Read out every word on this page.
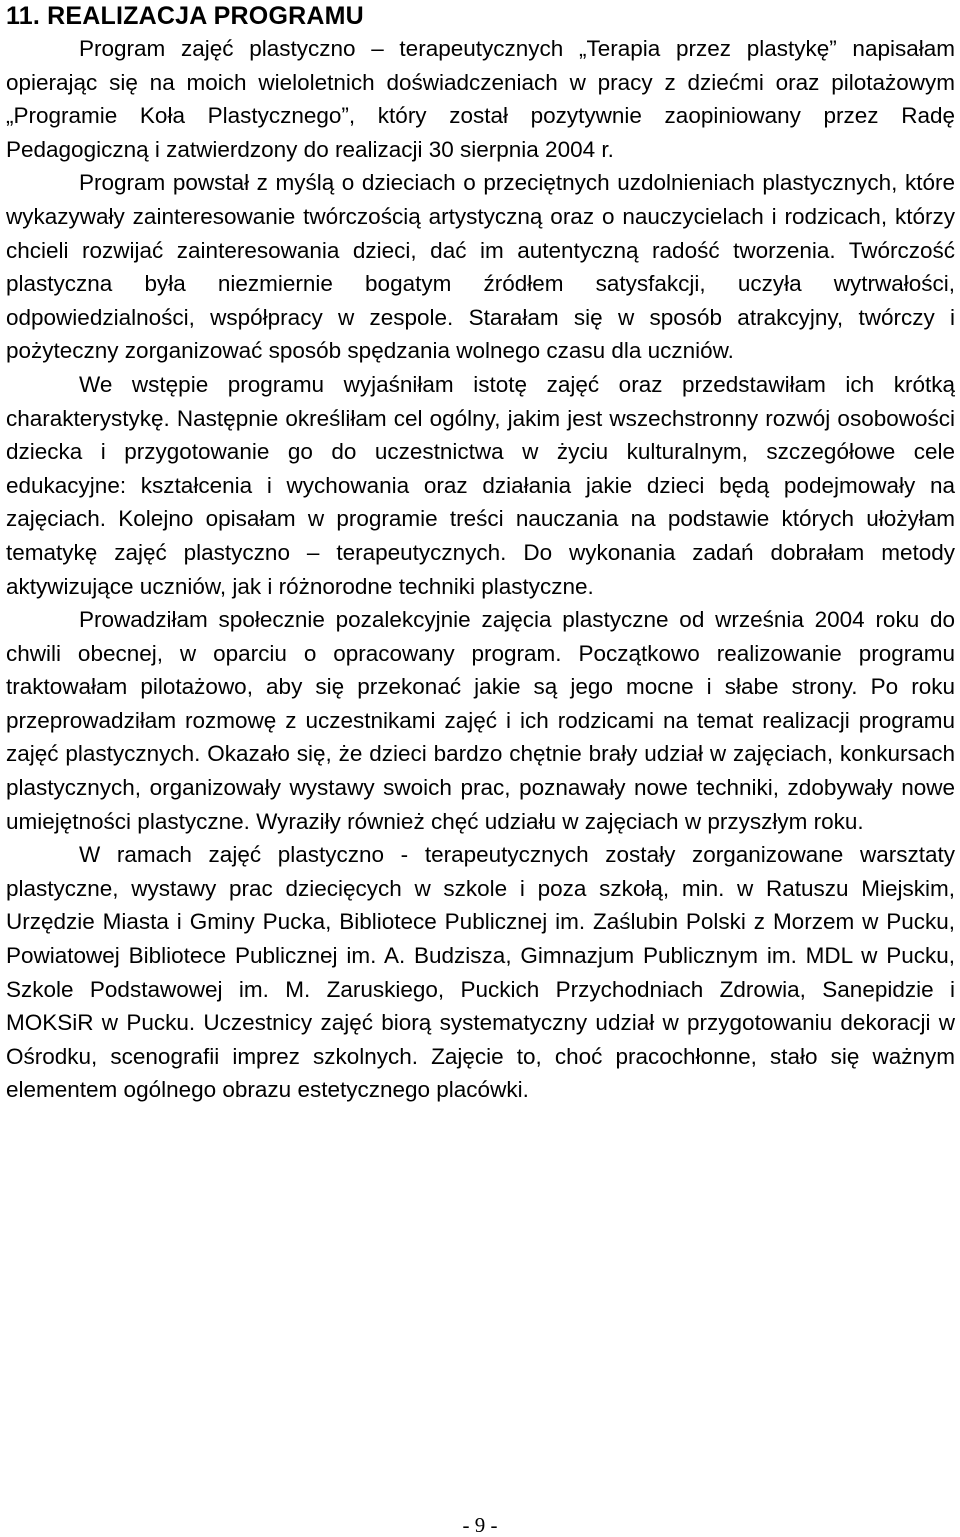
11. REALIZACJA PROGRAMU

Program zajęć plastyczno – terapeutycznych „Terapia przez plastykę” napisałam opierając się na moich wieloletnich doświadczeniach w pracy z dziećmi oraz pilotażowym „Programie Koła Plastycznego”, który został pozytywnie zaopiniowany przez Radę Pedagogiczną i zatwierdzony do realizacji 30 sierpnia 2004 r.

Program powstał z myślą o dzieciach o przeciętnych uzdolnieniach plastycznych, które wykazywały zainteresowanie twórczością artystyczną oraz o nauczycielach i rodzicach, którzy chcieli rozwijać zainteresowania dzieci, dać im autentyczną radość tworzenia. Twórczość plastyczna była niezmiernie bogatym źródłem satysfakcji, uczyła wytrwałości, odpowiedzialności, współpracy w zespole. Starałam się w sposób atrakcyjny, twórczy i pożyteczny zorganizować sposób spędzania wolnego czasu dla uczniów.

We wstępie programu wyjaśniłam istotę zajęć oraz przedstawiłam ich krótką charakterystykę. Następnie określiłam cel ogólny, jakim jest wszechstronny rozwój osobowości dziecka i przygotowanie go do uczestnictwa w życiu kulturalnym, szczegółowe cele edukacyjne: kształcenia i wychowania oraz działania jakie dzieci będą podejmowały na zajęciach. Kolejno opisałam w programie treści nauczania na podstawie których ułożyłam tematykę zajęć plastyczno – terapeutycznych. Do wykonania zadań dobrałam metody aktywizujące uczniów, jak i różnorodne techniki plastyczne.

Prowadziłam społecznie pozalekcyjnie zajęcia plastyczne od września 2004 roku do chwili obecnej, w oparciu o opracowany program. Początkowo realizowanie programu traktowałam pilotażowo, aby się przekonać jakie są jego mocne i słabe strony. Po roku przeprowadziłam rozmowę z uczestnikami zajęć i ich rodzicami na temat realizacji programu zajęć plastycznych. Okazało się, że dzieci bardzo chętnie brały udział w zajęciach, konkursach plastycznych, organizowały wystawy swoich prac, poznawały nowe techniki, zdobywały nowe umiejętności plastyczne. Wyraziły również chęć udziału w zajęciach w przyszłym roku.

W ramach zajęć plastyczno - terapeutycznych zostały zorganizowane warsztaty plastyczne, wystawy prac dziecięcych w szkole i poza szkołą, min. w Ratuszu Miejskim, Urzędzie Miasta i Gminy Pucka, Bibliotece Publicznej im. Zaślubin Polski z Morzem w Pucku, Powiatowej Bibliotece Publicznej im. A. Budzisza, Gimnazjum Publicznym im. MDL w Pucku, Szkole Podstawowej im. M. Zaruskiego, Puckich Przychodniach Zdrowia, Sanepidzie i MOKSiR w Pucku. Uczestnicy zajęć biorą systematyczny udział w przygotowaniu dekoracji w Ośrodku, scenografii imprez szkolnych. Zajęcie to, choć pracochłonne, stało się ważnym elementem ogólnego obrazu estetycznego placówki.

- 9 -
